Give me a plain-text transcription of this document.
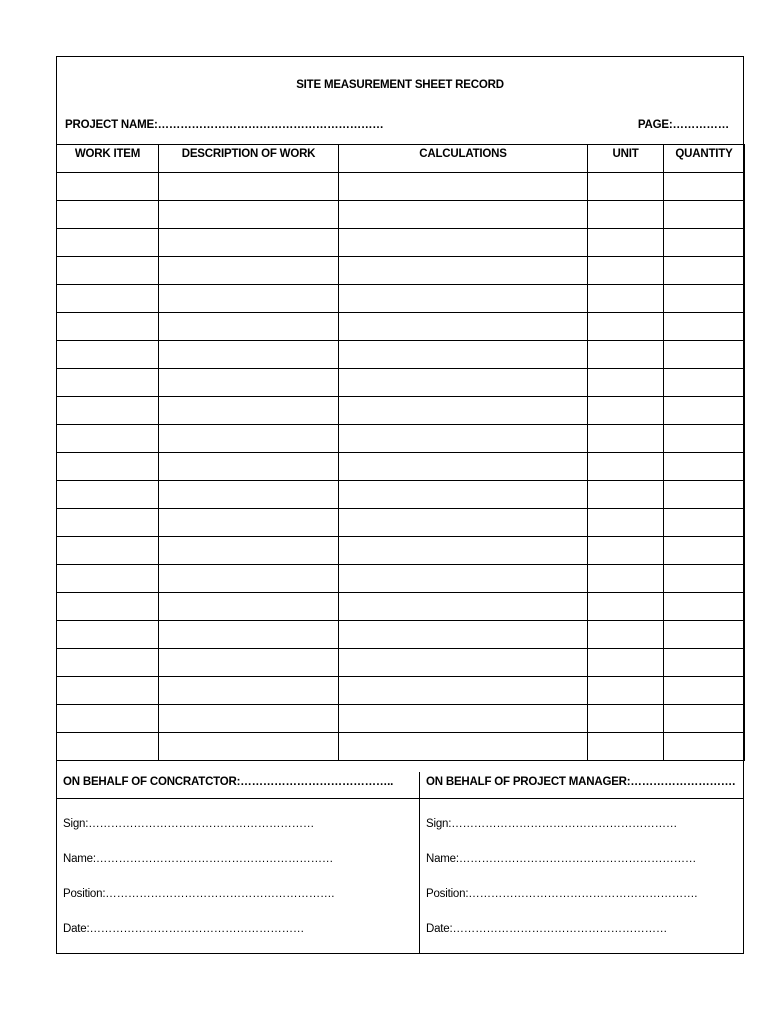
SITE MEASUREMENT SHEET RECORD
PROJECT NAME:……………………………………………………	PAGE:……………
WORK ITEM	DESCRIPTION OF WORK	CALCULATIONS	UNIT	QUANTITY

ON BEHALF OF CONCRATCTOR:…………………………………..
Sign:……………………………………………………
Name:………………………………………………………
Position:…………………………………………………….
Date:…………………………………………………
ON BEHALF OF PROJECT MANAGER:……………………….
Sign:……………………………………………………
Name:………………………………………………………
Position:…………………………………………………….
Date:…………………………………………………
